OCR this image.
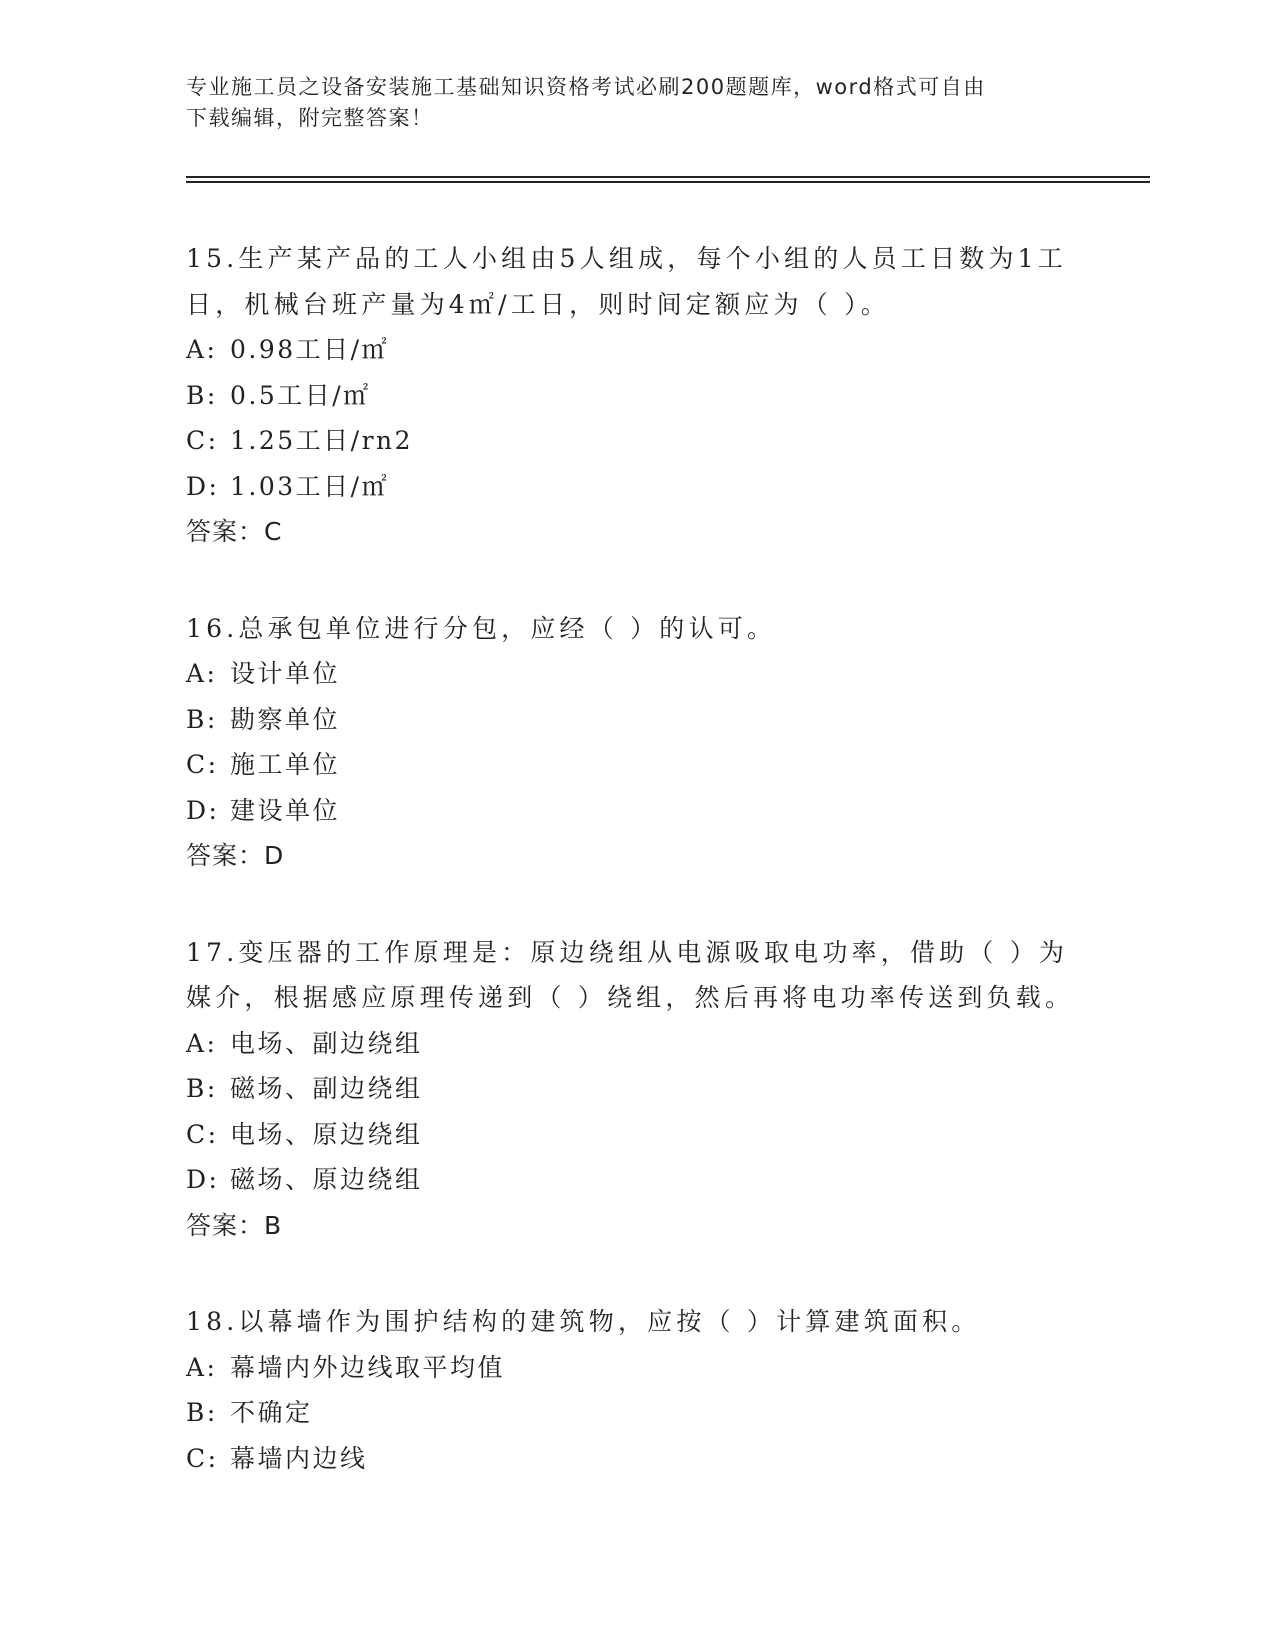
专业施工员之设备安装施工基础知识资格考试必刷200题题库，word格式可自由
下载编辑，附完整答案！
15.生产某产品的工人小组由5人组成，每个小组的人员工日数为1工
日，机械台班产量为4㎡/工日，则时间定额应为（ ）。
A: 0.98工日/㎡
B: 0.5工日/㎡
C: 1.25工日/rn2
D: 1.03工日/㎡
答案：C
16.总承包单位进行分包，应经（ ）的认可。
A: 设计单位
B: 勘察单位
C: 施工单位
D: 建设单位
答案：D
17.变压器的工作原理是：原边绕组从电源吸取电功率，借助（ ）为
媒介，根据感应原理传递到（ ）绕组，然后再将电功率传送到负载。
A: 电场、副边绕组
B: 磁场、副边绕组
C: 电场、原边绕组
D: 磁场、原边绕组
答案：B
18.以幕墙作为围护结构的建筑物，应按（ ）计算建筑面积。
A: 幕墙内外边线取平均值
B: 不确定
C: 幕墙内边线
